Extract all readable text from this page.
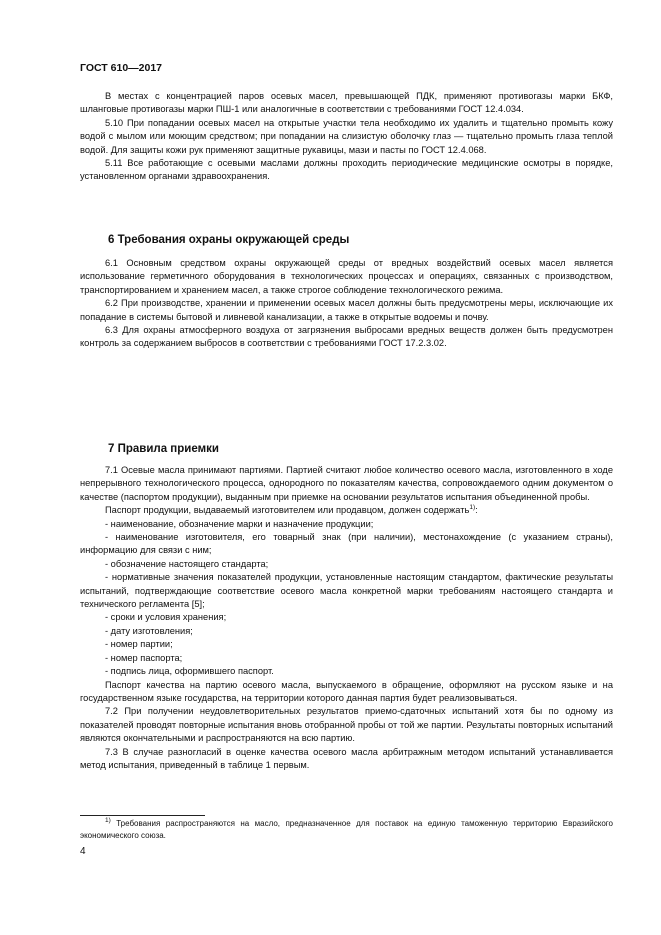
ГОСТ 610—2017

В местах с концентрацией паров осевых масел, превышающей ПДК, применяют противогазы марки БКФ, шланговые противогазы марки ПШ-1 или аналогичные в соответствии с требованиями ГОСТ 12.4.034.

5.10 При попадании осевых масел на открытые участки тела необходимо их удалить и тщательно промыть кожу водой с мылом или моющим средством; при попадании на слизистую оболочку глаз — тщательно промыть глаза теплой водой. Для защиты кожи рук применяют защитные рукавицы, мази и пасты по ГОСТ 12.4.068.

5.11 Все работающие с осевыми маслами должны проходить периодические медицинские осмотры в порядке, установленном органами здравоохранения.

6 Требования охраны окружающей среды

6.1 Основным средством охраны окружающей среды от вредных воздействий осевых масел является использование герметичного оборудования в технологических процессах и операциях, связанных с производством, транспортированием и хранением масел, а также строгое соблюдение технологического режима.

6.2 При производстве, хранении и применении осевых масел должны быть предусмотрены меры, исключающие их попадание в системы бытовой и ливневой канализации, а также в открытые водоемы и почву.

6.3 Для охраны атмосферного воздуха от загрязнения выбросами вредных веществ должен быть предусмотрен контроль за содержанием выбросов в соответствии с требованиями ГОСТ 17.2.3.02.

7 Правила приемки

7.1 Осевые масла принимают партиями. Партией считают любое количество осевого масла, изготовленного в ходе непрерывного технологического процесса, однородного по показателям качества, сопровождаемого одним документом о качестве (паспортом продукции), выданным при приемке на основании результатов испытания объединенной пробы.

Паспорт продукции, выдаваемый изготовителем или продавцом, должен содержать$^{1)}$:

- наименование, обозначение марки и назначение продукции;

- наименование изготовителя, его товарный знак (при наличии), местонахождение (с указанием страны), информацию для связи с ним;

- обозначение настоящего стандарта;

- нормативные значения показателей продукции, установленные настоящим стандартом, фактические результаты испытаний, подтверждающие соответствие осевого масла конкретной марки требованиям настоящего стандарта и технического регламента [5];

- сроки и условия хранения;

- дату изготовления;

- номер партии;

- номер паспорта;

- подпись лица, оформившего паспорт.

Паспорт качества на партию осевого масла, выпускаемого в обращение, оформляют на русском языке и на государственном языке государства, на территории которого данная партия будет реализовываться.

7.2 При получении неудовлетворительных результатов приемо-сдаточных испытаний хотя бы по одному из показателей проводят повторные испытания вновь отобранной пробы от той же партии. Результаты повторных испытаний являются окончательными и распространяются на всю партию.

7.3 В случае разногласий в оценке качества осевого масла арбитражным методом испытаний устанавливается метод испытания, приведенный в таблице 1 первым.

$^{1)}$ Требования распространяются на масло, предназначенное для поставок на единую таможенную территорию Евразийского экономического союза.

4
